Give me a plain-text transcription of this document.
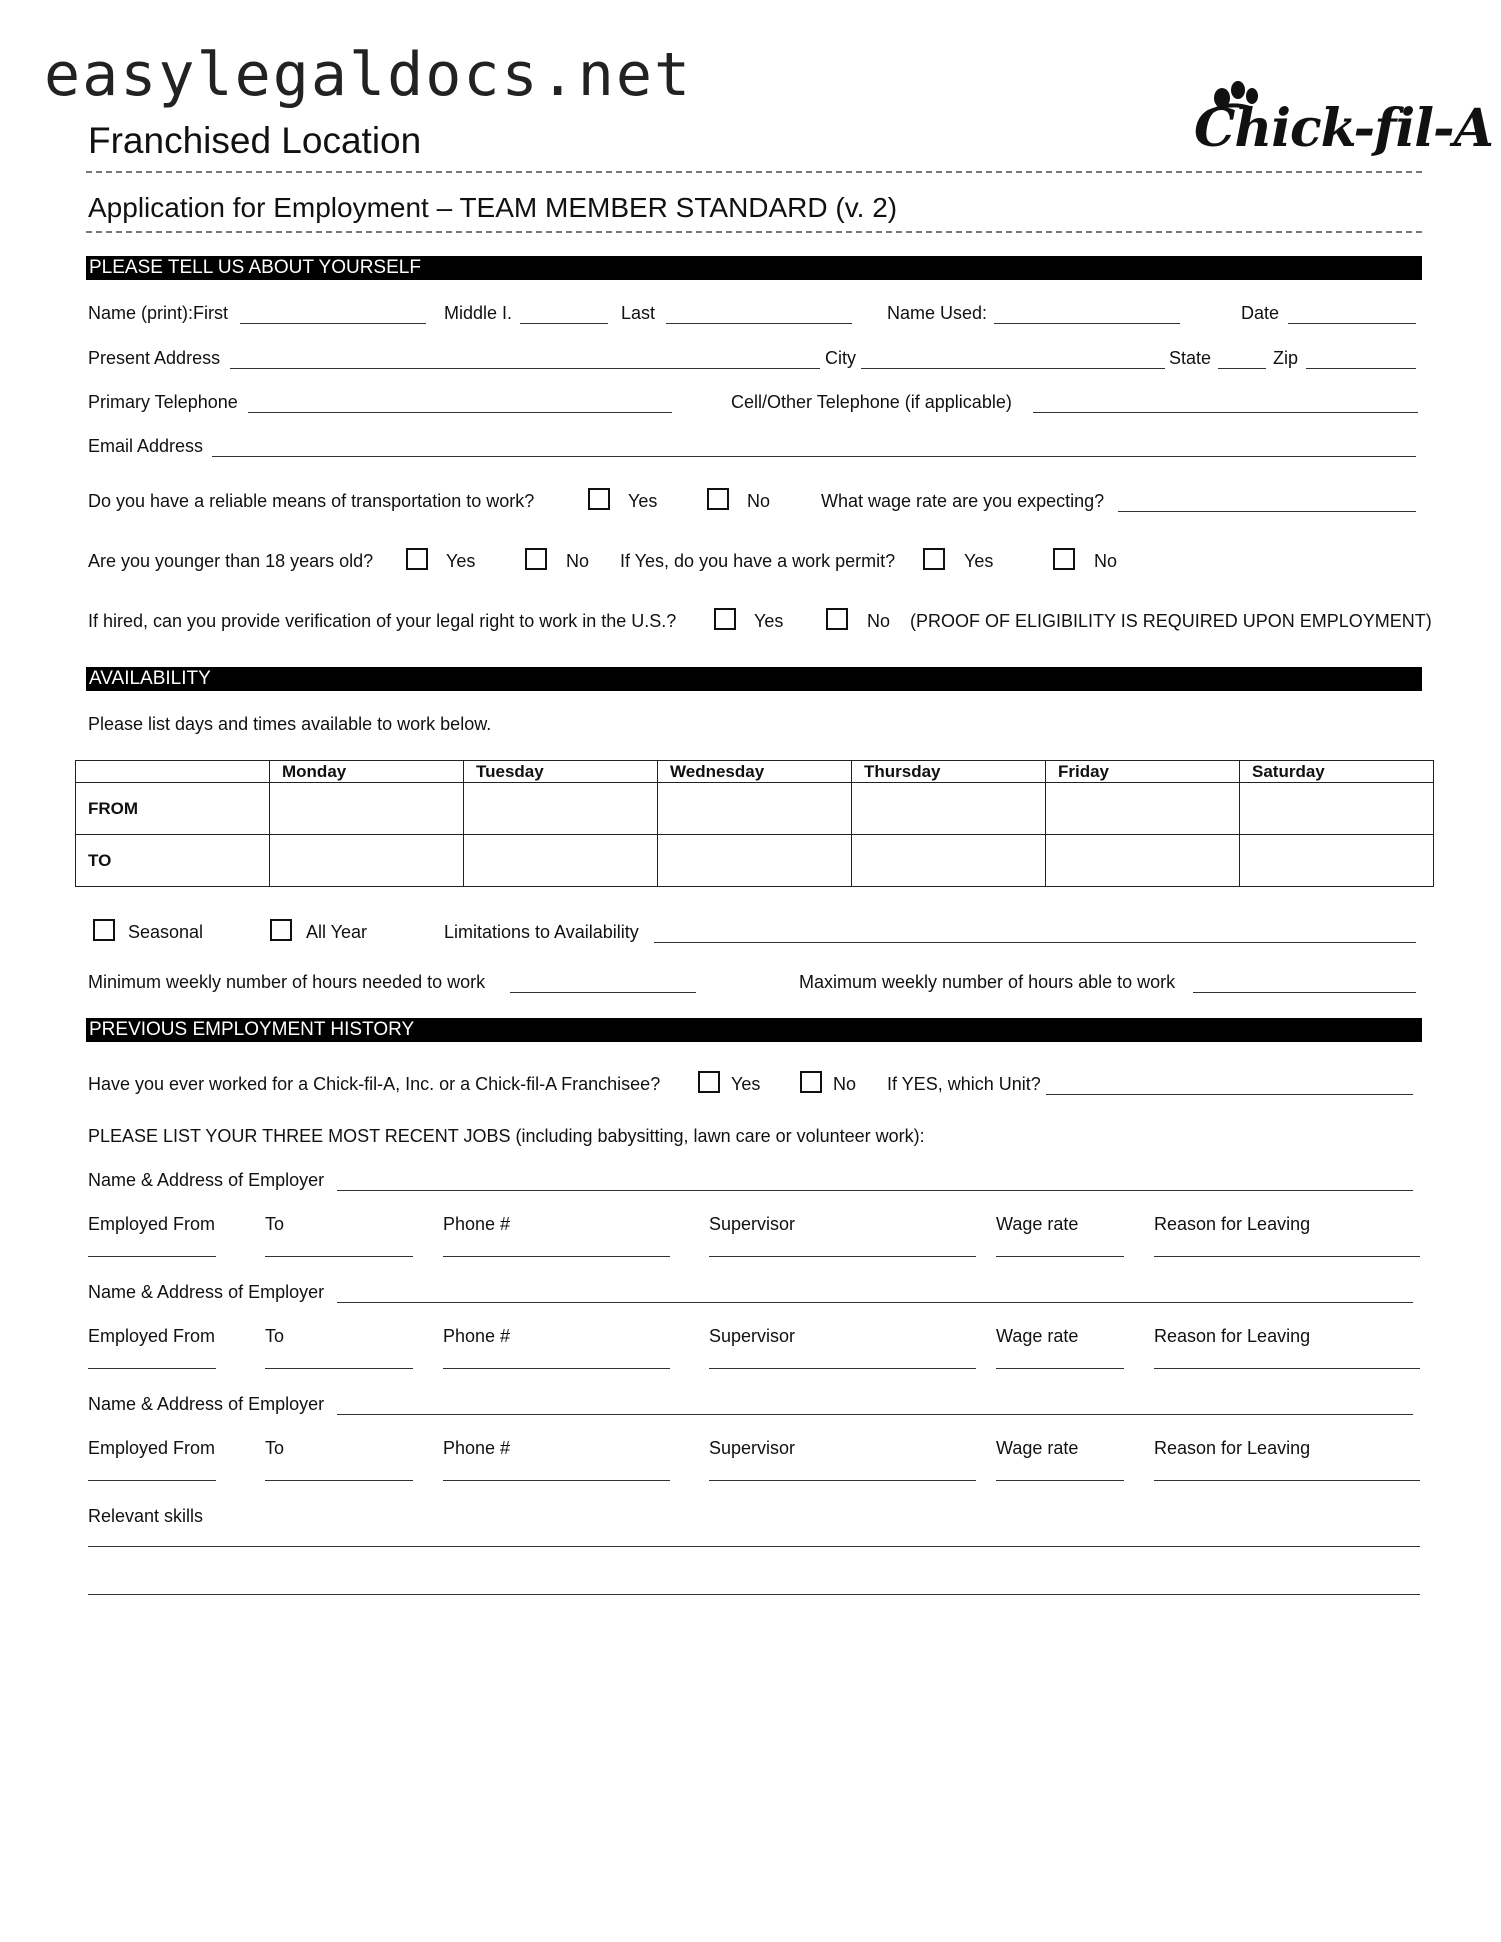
easylegaldocs.net
Franchised Location	Chick-fil-A
Application for Employment – TEAM MEMBER STANDARD (v. 2)
PLEASE TELL US ABOUT YOURSELF
Name (print):First	Middle I.	Last	Name Used:	Date
Present Address	City	State	Zip
Primary Telephone	Cell/Other Telephone (if applicable)
Email Address
Do you have a reliable means of transportation to work?	Yes	No	What wage rate are you expecting?
Are you younger than 18 years old?	Yes	No If Yes, do you have a work permit?	Yes	No
If hired, can you provide verification of your legal right to work in the U.S.?	Yes	No (PROOF OF ELIGIBILITY IS REQUIRED UPON EMPLOYMENT)
AVAILABILITY
Please list days and times available to work below.
	Monday	Tuesday	Wednesday	Thursday	Friday	Saturday
FROM						
TO						
Seasonal	All Year	Limitations to Availability
Minimum weekly number of hours needed to work	Maximum weekly number of hours able to work
PREVIOUS EMPLOYMENT HISTORY
Have you ever worked for a Chick-fil-A, Inc. or a Chick-fil-A Franchisee?	Yes	No If YES, which Unit?
PLEASE LIST YOUR THREE MOST RECENT JOBS (including babysitting, lawn care or volunteer work):
Name & Address of Employer
Employed From	To	Phone #	Supervisor	Wage rate	Reason for Leaving
Name & Address of Employer
Employed From	To	Phone #	Supervisor	Wage rate	Reason for Leaving
Name & Address of Employer
Employed From	To	Phone #	Supervisor	Wage rate	Reason for Leaving
Relevant skills
